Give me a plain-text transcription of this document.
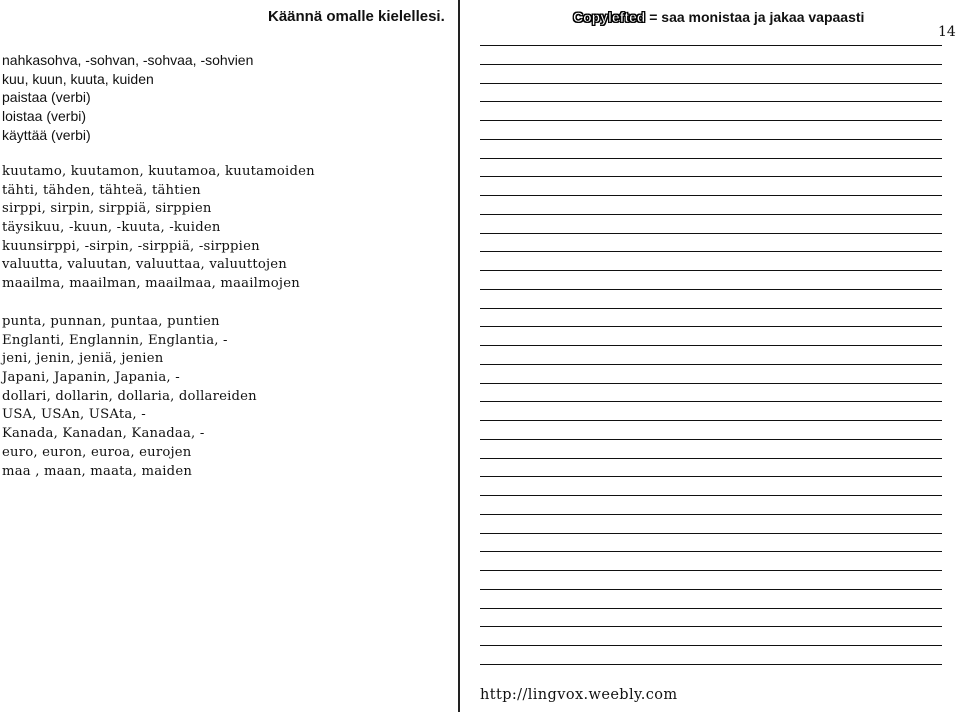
Käännä omalle kielellesi.	Copylefted = saa monistaa ja jakaa vapaasti
14
nahkasohva, -sohvan, -sohvaa, -sohvien
kuu, kuun, kuuta, kuiden
paistaa (verbi)
loistaa (verbi)
käyttää (verbi)
kuutamo, kuutamon, kuutamoa, kuutamoiden
tähti, tähden, tähteä, tähtien
sirppi, sirpin, sirppiä, sirppien
täysikuu, -kuun, -kuuta, -kuiden
kuunsirppi, -sirpin, -sirppiä, -sirppien
valuutta, valuutan, valuuttaa, valuuttojen
maailma, maailman, maailmaa, maailmojen
punta, punnan, puntaa, puntien
Englanti, Englannin, Englantia, -
jeni, jenin, jeniä, jenien
Japani, Japanin, Japania, -
dollari, dollarin, dollaria, dollareiden
USA, USAn, USAta, -
Kanada, Kanadan, Kanadaa, -
euro, euron, euroa, eurojen
maa , maan, maata, maiden
http://lingvox.weebly.com
